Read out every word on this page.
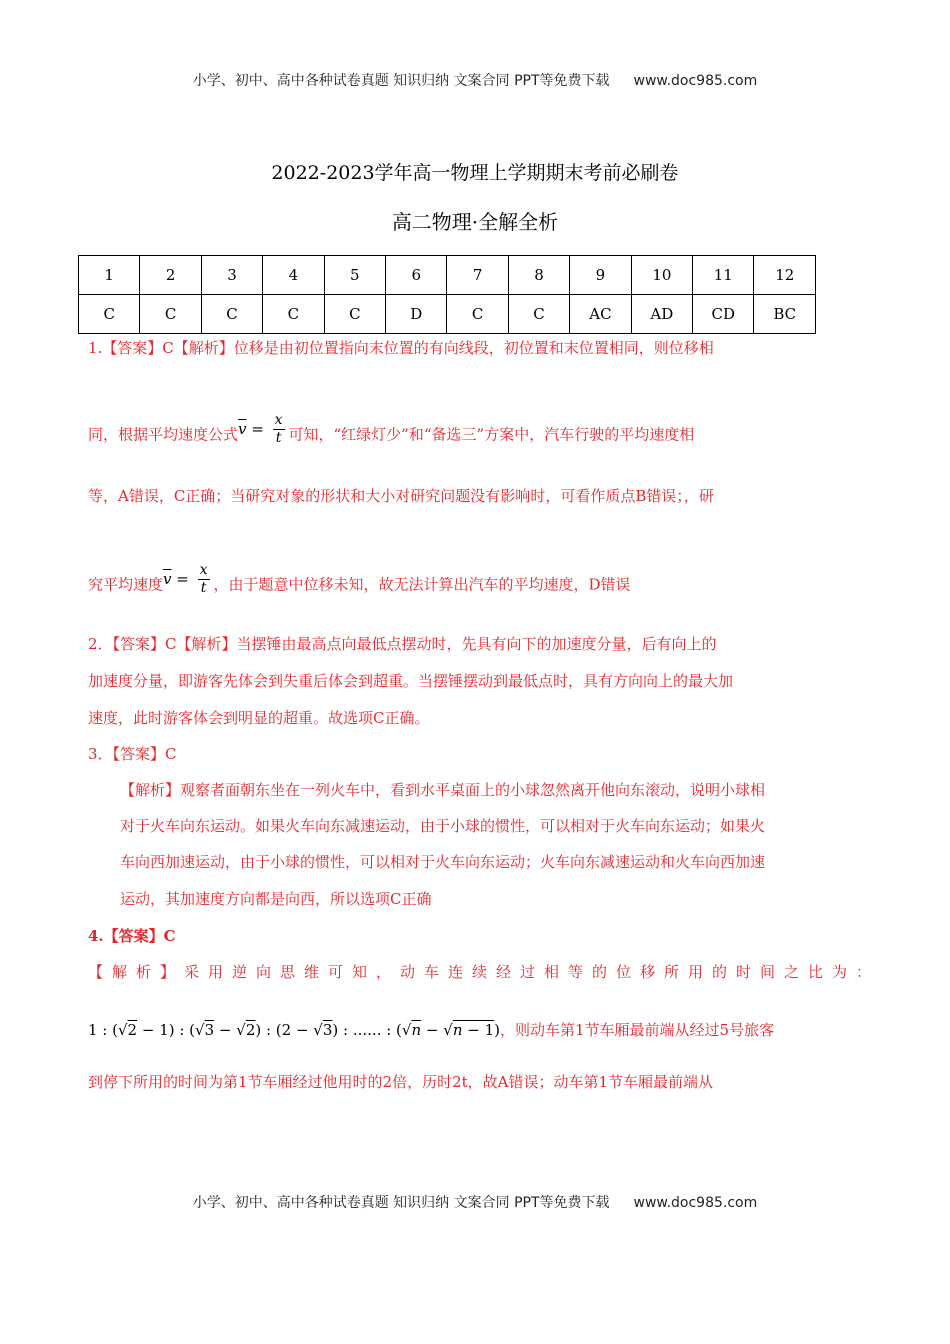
小学、初中、高中各种试卷真题 知识归纳 文案合同 PPT等免费下载 www.doc985.com
2022-2023学年高一物理上学期期末考前必刷卷
高二物理·全解全析
1	2	3	4	5	6	7	8	9	10	11	12
C	C	C	C	C	D	C	C	AC	AD	CD	BC
1.【答案】C【解析】位移是由初位置指向末位置的有向线段，初位置和末位置相同，则位移相
同，根据平均速度公式$\overline{v} = \frac{x}{t}$ 可知，“红绿灯少”和“备选三”方案中，汽车行驶的平均速度相
等，A错误，C正确；当研究对象的形状和大小对研究问题没有影响时，可看作质点B错误；，研
究平均速度$\overline{v} = \frac{x}{t}$ ，由于题意中位移未知，故无法计算出汽车的平均速度，D错误
2．【答案】C【解析】当摆锤由最高点向最低点摆动时，先具有向下的加速度分量，后有向上的
加速度分量，即游客先体会到失重后体会到超重。当摆锤摆动到最低点时，具有方向向上的最大加
速度，此时游客体会到明显的超重。故选项C正确。
3．【答案】C
【解析】观察者面朝东坐在一列火车中，看到水平桌面上的小球忽然离开他向东滚动，说明小球相
对于火车向东运动。如果火车向东减速运动，由于小球的惯性，可以相对于火车向东运动；如果火
车向西加速运动，由于小球的惯性，可以相对于火车向东运动；火车向东减速运动和火车向西加速
运动，其加速度方向都是向西，所以选项C正确
4.【答案】C
【解析】采用逆向思维可知，动车连续经过相等的位移所用的时间之比为：
1 : (√2 − 1) : (√3 − √2) : (2 − √3) : ...... : (√n − √n − 1)，则动车第1节车厢最前端从经过5号旅客
到停下所用的时间为第1节车厢经过他用时的2倍，历时2t，故A错误；动车第1节车厢最前端从
小学、初中、高中各种试卷真题 知识归纳 文案合同 PPT等免费下载 www.doc985.com
